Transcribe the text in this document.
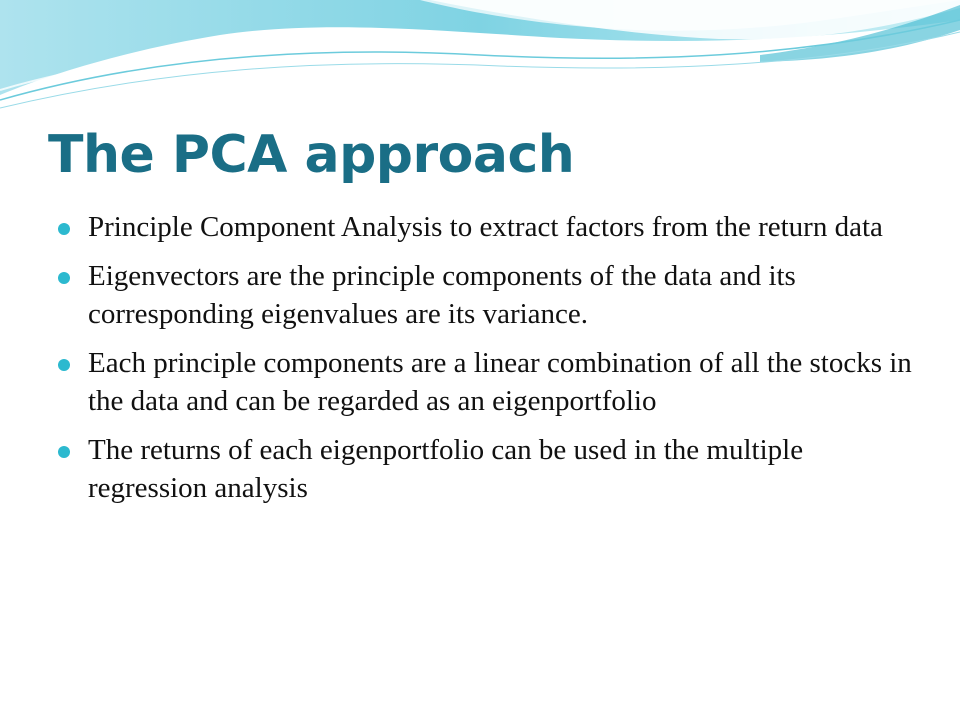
The PCA approach
Principle Component Analysis to extract factors from the return data
Eigenvectors are the principle components of the data and its corresponding eigenvalues are its variance.
Each principle components are a linear combination of all the stocks in the data and can be regarded as an eigenportfolio
The returns of each eigenportfolio can be used in the multiple regression analysis
